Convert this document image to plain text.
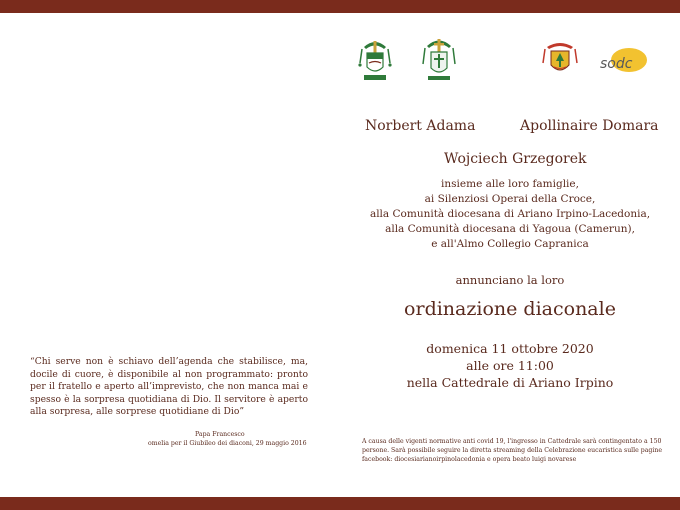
sodc
Norbert Adama	Apollinaire Domara
Wojciech Grzegorek
insieme alle loro famiglie,
ai Silenziosi Operai della Croce,
alla Comunità diocesana di Ariano Irpino-Lacedonia,
alla Comunità diocesana di Yagoua (Camerun),
e all'Almo Collegio Capranica
annunciano la loro
ordinazione diaconale
domenica 11 ottobre 2020
alle ore 11:00
nella Cattedrale di Ariano Irpino
A causa delle vigenti normative anti covid 19, l'ingresso in Cattedrale sarà contingentato a 150 persone. Sarà possibile seguire la diretta streaming della Celebrazione eucaristica sulle pagine facebook: diocesiarianoirpinolacedonia e opera beato luigi novarese
“Chi serve non è schiavo dell’agenda che stabilisce, ma, docile di cuore, è disponibile al non programmato: pronto per il fratello e aperto all’imprevisto, che non manca mai e spesso è la sorpresa quotidiana di Dio. Il servitore è aperto alla sorpresa, alle sorprese quotidiane di Dio”
Papa Francesco
omelia per il Giubileo dei diaconi, 29 maggio 2016
